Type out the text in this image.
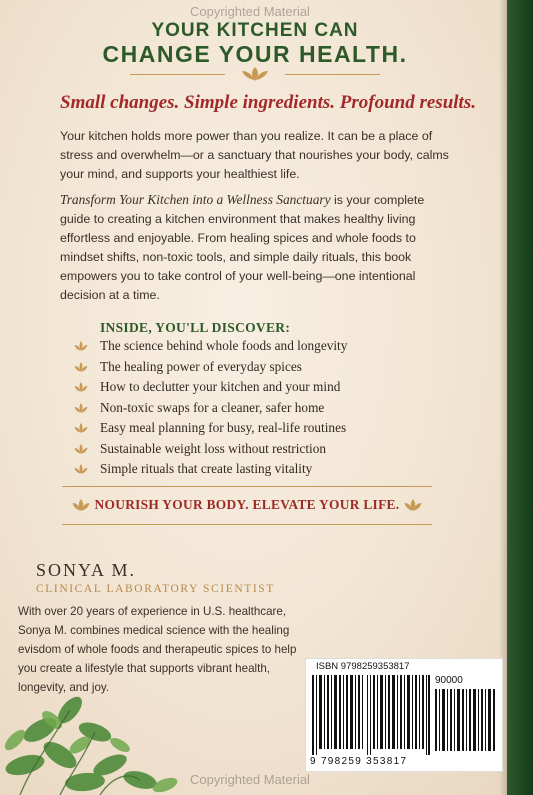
Copyrighted Material
YOUR KITCHEN CAN
CHANGE YOUR HEALTH.
Small changes. Simple ingredients. Profound results.
Your kitchen holds more power than you realize. It can be a place of stress and overwhelm—or a sanctuary that nourishes your body, calms your mind, and supports your healthiest life.
Transform Your Kitchen into a Wellness Sanctuary is your complete guide to creating a kitchen environment that makes healthy living effortless and enjoyable. From healing spices and whole foods to mindset shifts, non-toxic tools, and simple daily rituals, this book empowers you to take control of your well-being—one intentional decision at a time.
INSIDE, YOU'LL DISCOVER:
The science behind whole foods and longevity
The healing power of everyday spices
How to declutter your kitchen and your mind
Non-toxic swaps for a cleaner, safer home
Easy meal planning for busy, real-life routines
Sustainable weight loss without restriction
Simple rituals that create lasting vitality
NOURISH YOUR BODY. ELEVATE YOUR LIFE.
SONYA M.
CLINICAL LABORATORY SCIENTIST
With over 20 years of experience in U.S. healthcare, Sonya M. combines medical science with the healing evisdom of whole foods and therapeutic spices to help you create a lifestyle that supports vibrant health, longevity, and joy.
ISBN 9798259353817
90000
9 798259 353817
Copyrighted Material
